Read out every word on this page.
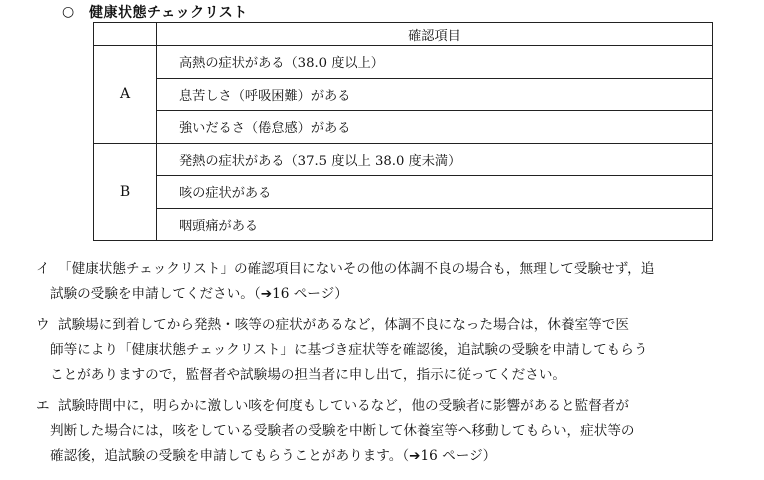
○	健康状態チェックリスト
	確認項目
A	高熱の症状がある（38.0 度以上）
	息苦しさ（呼吸困難）がある
	強いだるさ（倦怠感）がある
B	発熱の症状がある（37.5 度以上 38.0 度未満）
	咳の症状がある
	咽頭痛がある
イ 「健康状態チェックリスト」の確認項目にないその他の体調不良の場合も，無理して受験せず，追
試験の受験を申請してください。（➔16 ページ）
ウ 試験場に到着してから発熱・咳等の症状があるなど，体調不良になった場合は，休養室等で医
師等により「健康状態チェックリスト」に基づき症状等を確認後，追試験の受験を申請してもらう
ことがありますので，監督者や試験場の担当者に申し出て，指示に従ってください。
エ 試験時間中に，明らかに激しい咳を何度もしているなど，他の受験者に影響があると監督者が
判断した場合には，咳をしている受験者の受験を中断して休養室等へ移動してもらい，症状等の
確認後，追試験の受験を申請してもらうことがあります。（➔16 ページ）
